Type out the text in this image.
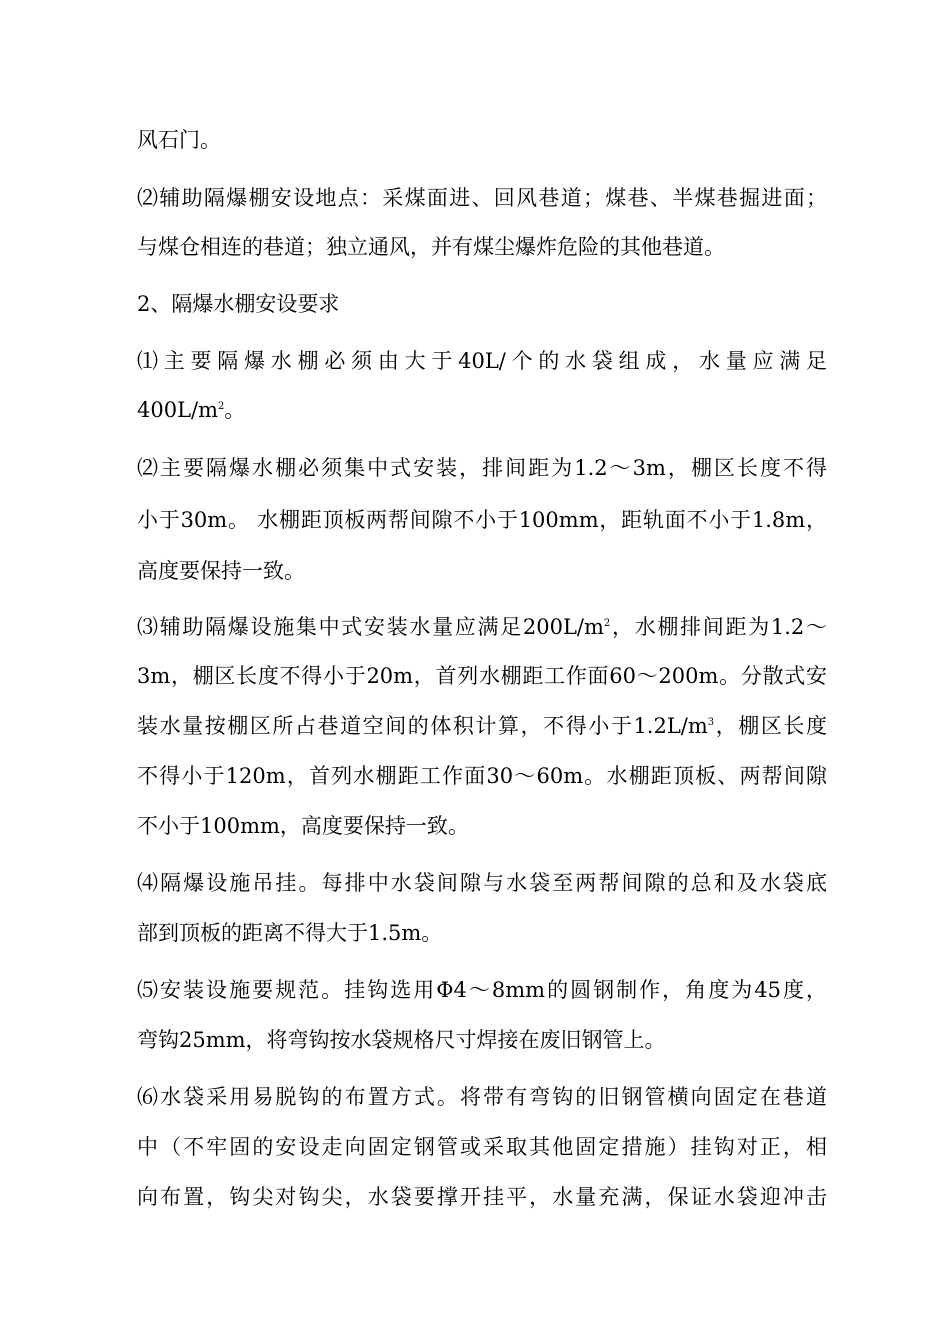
风石门。

⑵辅助隔爆棚安设地点：采煤面进、回风巷道；煤巷、半煤巷掘进面；

与煤仓相连的巷道；独立通风，并有煤尘爆炸危险的其他巷道。

2、隔爆水棚安设要求

⑴主要隔爆水棚必须由大于40L/个的水袋组成，水量应满足

$400L/m^2$。

⑵主要隔爆水棚必须集中式安装，排间距为1.2～3m，棚区长度不得

小于30m。 水棚距顶板两帮间隙不小于100mm，距轨面不小于1.8m，

高度要保持一致。

⑶辅助隔爆设施集中式安装水量应满足$200L/m^2$，水棚排间距为1.2～

3m，棚区长度不得小于20m，首列水棚距工作面60～200m。分散式安

装水量按棚区所占巷道空间的体积计算，不得小于$1.2L/m^3$，棚区长度

不得小于120m，首列水棚距工作面30～60m。水棚距顶板、两帮间隙

不小于100mm，高度要保持一致。

⑷隔爆设施吊挂。每排中水袋间隙与水袋至两帮间隙的总和及水袋底

部到顶板的距离不得大于1.5m。

⑸安装设施要规范。挂钩选用Φ4～8mm的圆钢制作，角度为45度，

弯钩25mm，将弯钩按水袋规格尺寸焊接在废旧钢管上。

⑹水袋采用易脱钩的布置方式。将带有弯钩的旧钢管横向固定在巷道

中（不牢固的安设走向固定钢管或采取其他固定措施）挂钩对正，相

向布置，钩尖对钩尖，水袋要撑开挂平，水量充满，保证水袋迎冲击
